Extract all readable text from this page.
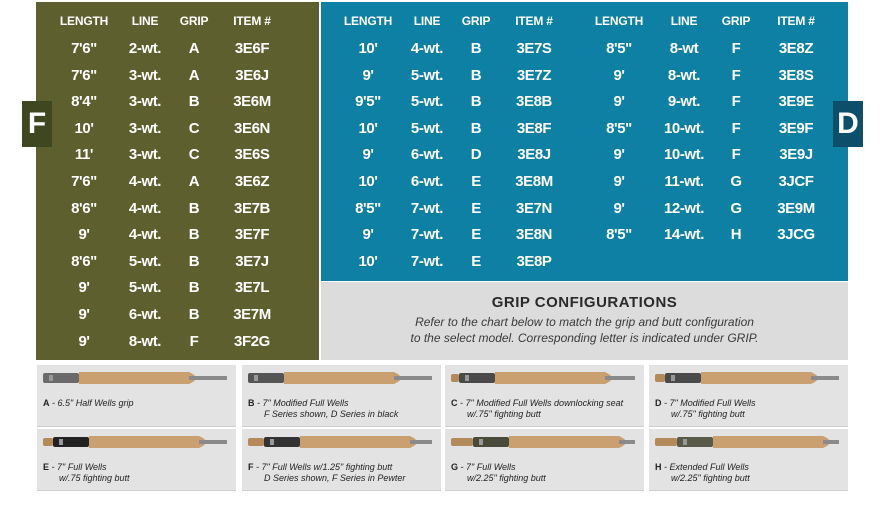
F	D
LENGTH	LINE	GRIP	ITEM #
7'6"	2-wt.	A	3E6F
7'6"	3-wt.	A	3E6J
8'4"	3-wt.	B	3E6M
10'	3-wt.	C	3E6N
11'	3-wt.	C	3E6S
7'6"	4-wt.	A	3E6Z
8'6"	4-wt.	B	3E7B
9'	4-wt.	B	3E7F
8'6"	5-wt.	B	3E7J
9'	5-wt.	B	3E7L
9'	6-wt.	B	3E7M
9'	8-wt.	F	3F2G
LENGTH	LINE	GRIP	ITEM #
10'	4-wt.	B	3E7S
9'	5-wt.	B	3E7Z
9'5"	5-wt.	B	3E8B
10'	5-wt.	B	3E8F
9'	6-wt.	D	3E8J
10'	6-wt.	E	3E8M
8'5"	7-wt.	E	3E7N
9'	7-wt.	E	3E8N
10'	7-wt.	E	3E8P
LENGTH	LINE	GRIP	ITEM #
8'5"	8-wt	F	3E8Z
9'	8-wt.	F	3E8S
9'	9-wt.	F	3E9E
8'5"	10-wt.	F	3E9F
9'	10-wt.	F	3E9J
9'	11-wt.	G	3JCF
9'	12-wt.	G	3E9M
8'5"	14-wt.	H	3JCG
GRIP CONFIGURATIONS
Refer to the chart below to match the grip and butt configuration
to the select model. Corresponding letter is indicated under GRIP.
A - 6.5" Half Wells grip	B - 7" Modified Full Wells
F Series shown, D Series in black
C - 7" Modified Full Wells downlocking seat
w/.75" fighting butt
D - 7" Modified Full Wells
w/.75" fighting butt
E - 7" Full Wells
w/.75 fighting butt
F - 7" Full Wells w/1.25" fighting butt
D Series shown, F Series in Pewter
G - 7" Full Wells
w/2.25" fighting butt
H - Extended Full Wells
w/2.25" fighting butt
